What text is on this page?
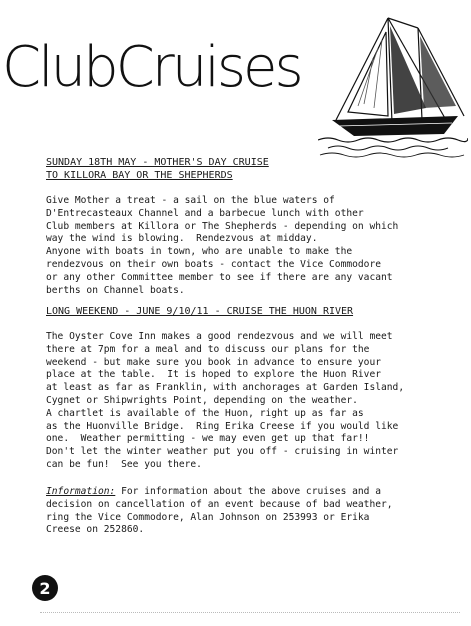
ClubCruises
SUNDAY 18TH MAY - MOTHER'S DAY CRUISE
TO KILLORA BAY OR THE SHEPHERDS
Give Mother a treat - a sail on the blue waters of
D'Entrecasteaux Channel and a barbecue lunch with other
Club members at Killora or The Shepherds - depending on which
way the wind is blowing.  Rendezvous at midday.
Anyone with boats in town, who are unable to make the
rendezvous on their own boats - contact the Vice Commodore
or any other Committee member to see if there are any vacant
berths on Channel boats.
LONG WEEKEND - JUNE 9/10/11 - CRUISE THE HUON RIVER
The Oyster Cove Inn makes a good rendezvous and we will meet
there at 7pm for a meal and to discuss our plans for the
weekend - but make sure you book in advance to ensure your
place at the table.  It is hoped to explore the Huon River
at least as far as Franklin, with anchorages at Garden Island,
Cygnet or Shipwrights Point, depending on the weather.
A chartlet is available of the Huon, right up as far as
as the Huonville Bridge.  Ring Erika Creese if you would like
one.  Weather permitting - we may even get up that far!!
Don't let the winter weather put you off - cruising in winter
can be fun!  See you there.
Information: For information about the above cruises and a
decision on cancellation of an event because of bad weather,
ring the Vice Commodore, Alan Johnson on 253993 or Erika
Creese on 252860.
2
